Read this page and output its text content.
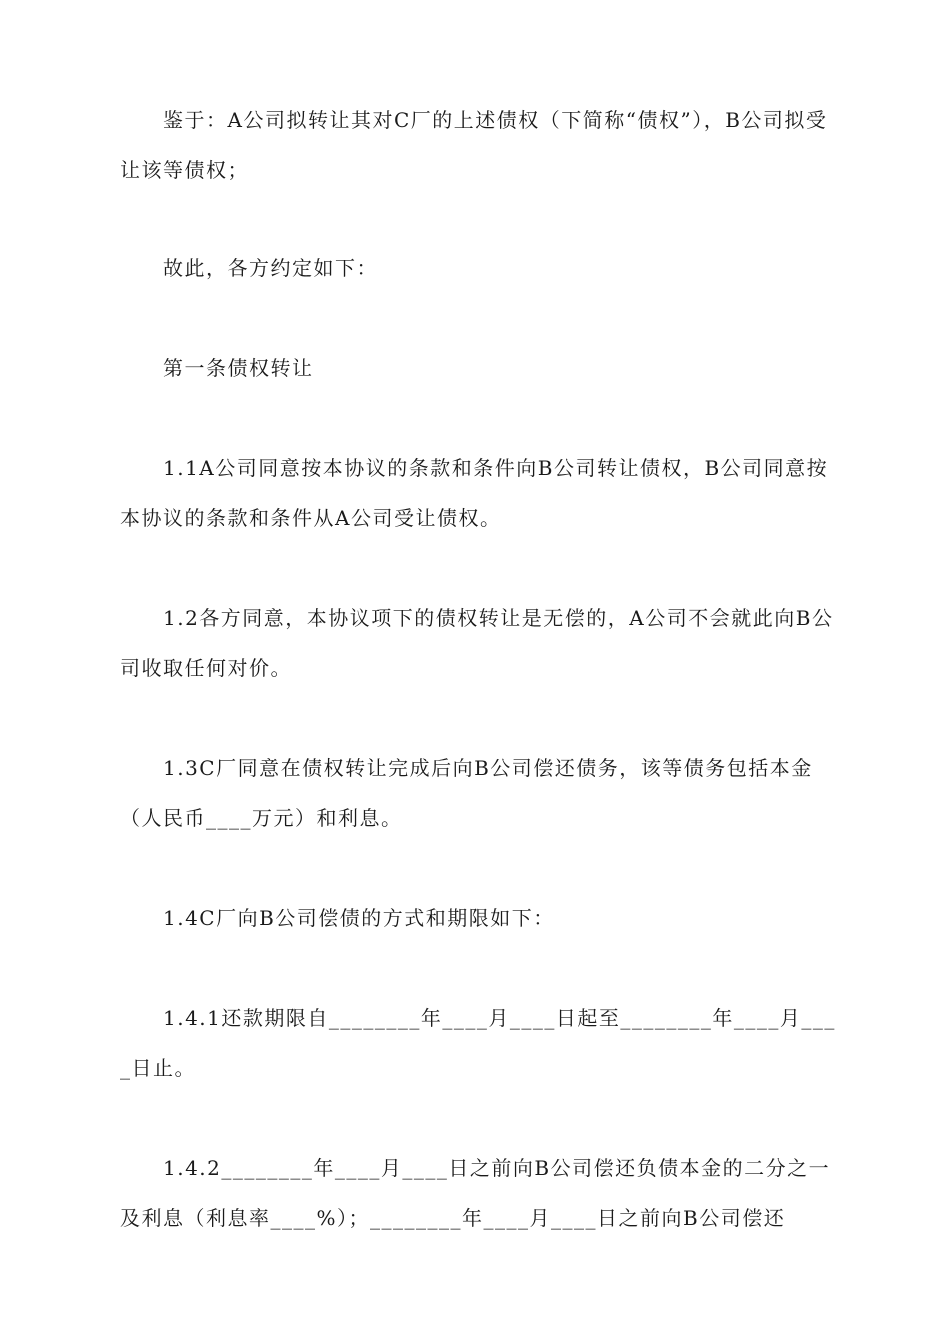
鉴于：A公司拟转让其对C厂的上述债权（下简称“债权”），B公司拟受让该等债权；

故此，各方约定如下：

第一条债权转让

1.1A公司同意按本协议的条款和条件向B公司转让债权，B公司同意按本协议的条款和条件从A公司受让债权。

1.2各方同意，本协议项下的债权转让是无偿的，A公司不会就此向B公司收取任何对价。

1.3C厂同意在债权转让完成后向B公司偿还债务，该等债务包括本金（人民币____万元）和利息。

1.4C厂向B公司偿债的方式和期限如下：

1.4.1还款期限自________年____月____日起至________年____月____日止。

1.4.2________年____月____日之前向B公司偿还负债本金的二分之一及利息（利息率____%）；________年____月____日之前向B公司偿还
